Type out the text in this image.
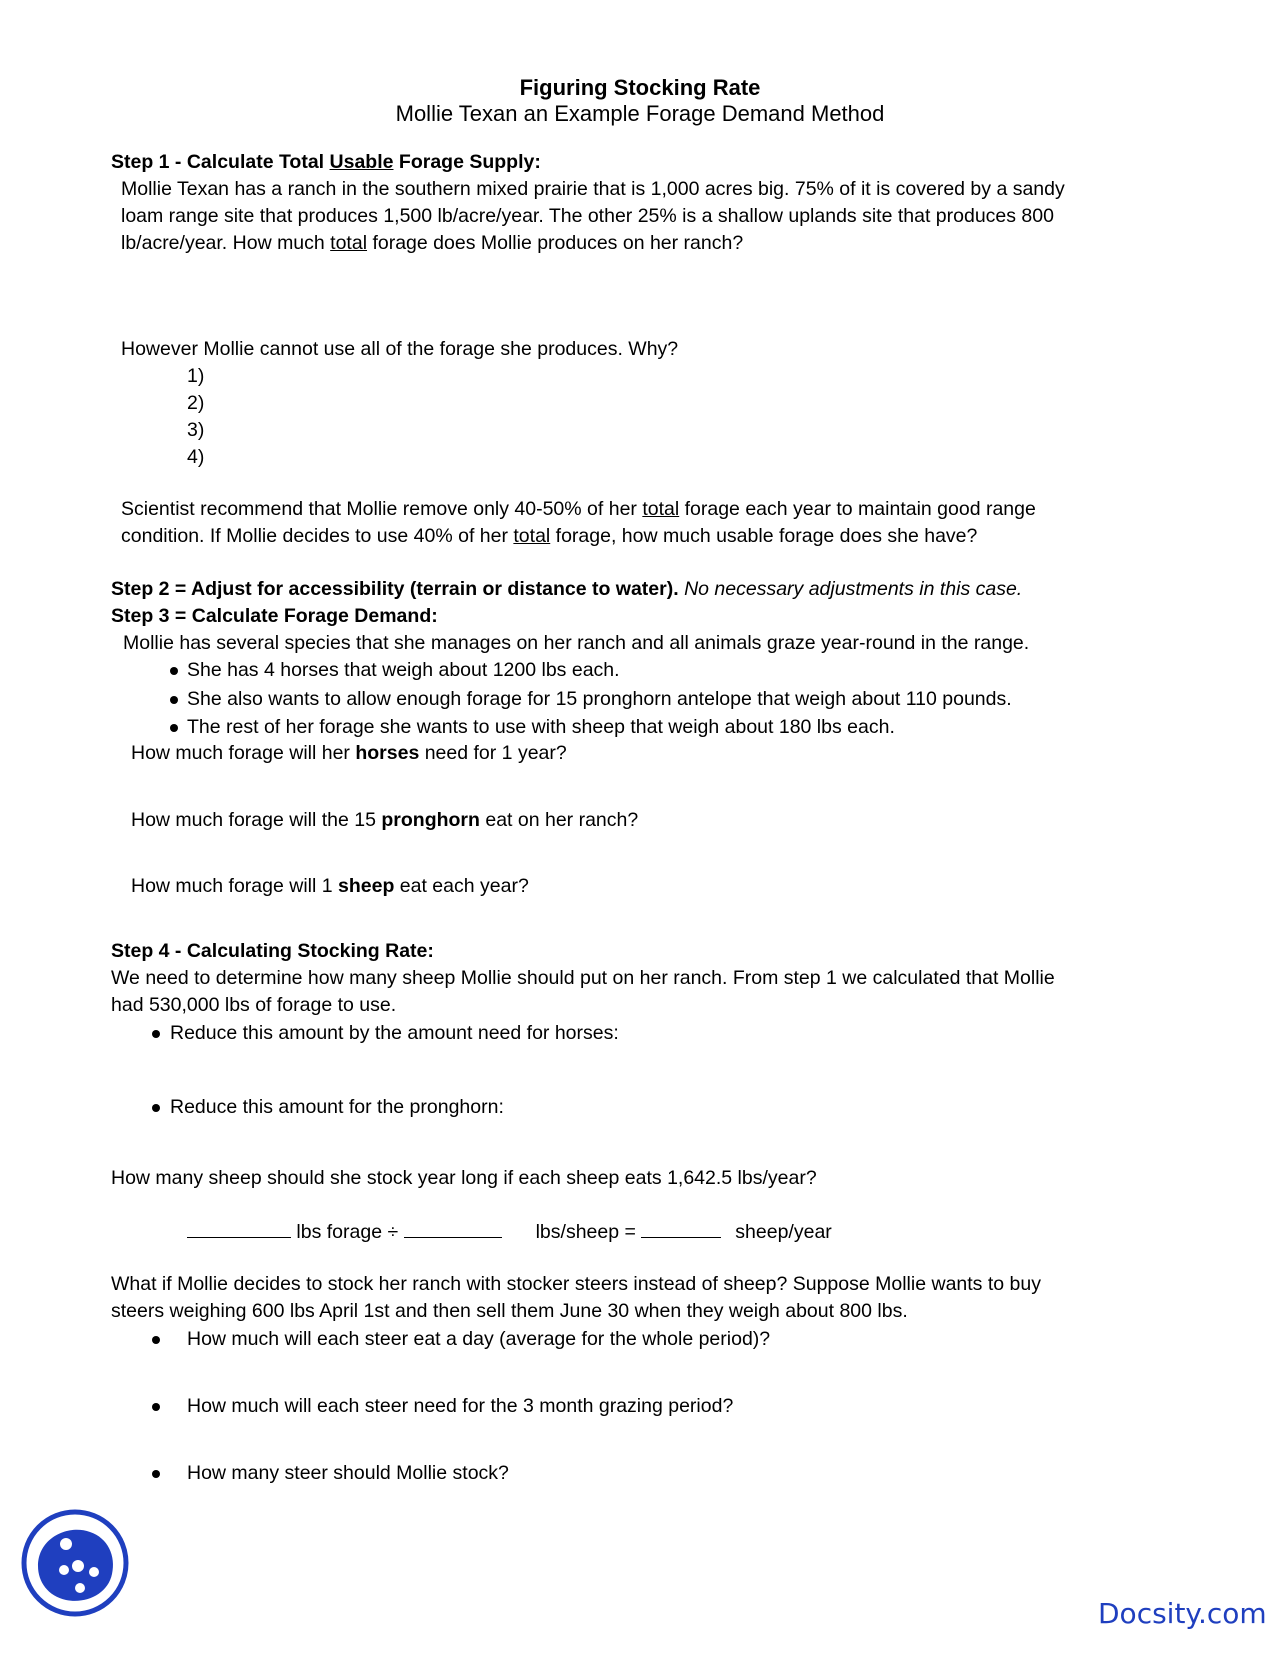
Figuring Stocking Rate
Mollie Texan an Example Forage Demand Method
Step 1 - Calculate Total Usable Forage Supply:
Mollie Texan has a ranch in the southern mixed prairie that is 1,000 acres big. 75% of it is covered by a sandy
loam range site that produces 1,500 lb/acre/year. The other 25% is a shallow uplands site that produces 800
lb/acre/year. How much total forage does Mollie produces on her ranch?
However Mollie cannot use all of the forage she produces. Why?
1)
2)
3)
4)
Scientist recommend that Mollie remove only 40-50% of her total forage each year to maintain good range
condition. If Mollie decides to use 40% of her total forage, how much usable forage does she have?
Step 2 = Adjust for accessibility (terrain or distance to water). No necessary adjustments in this case.
Step 3 = Calculate Forage Demand:
Mollie has several species that she manages on her ranch and all animals graze year-round in the range.
She has 4 horses that weigh about 1200 lbs each.
She also wants to allow enough forage for 15 pronghorn antelope that weigh about 110 pounds.
The rest of her forage she wants to use with sheep that weigh about 180 lbs each.
How much forage will her horses need for 1 year?
How much forage will the 15 pronghorn eat on her ranch?
How much forage will 1 sheep eat each year?
Step 4 - Calculating Stocking Rate:
We need to determine how many sheep Mollie should put on her ranch. From step 1 we calculated that Mollie
had 530,000 lbs of forage to use.
Reduce this amount by the amount need for horses:
Reduce this amount for the pronghorn:
How many sheep should she stock year long if each sheep eats 1,642.5 lbs/year?
lbs forage ÷	lbs/sheep =	sheep/year
What if Mollie decides to stock her ranch with stocker steers instead of sheep? Suppose Mollie wants to buy
steers weighing 600 lbs April 1st and then sell them June 30 when they weigh about 800 lbs.
How much will each steer eat a day (average for the whole period)?
How much will each steer need for the 3 month grazing period?
How many steer should Mollie stock?
Docsity.com
